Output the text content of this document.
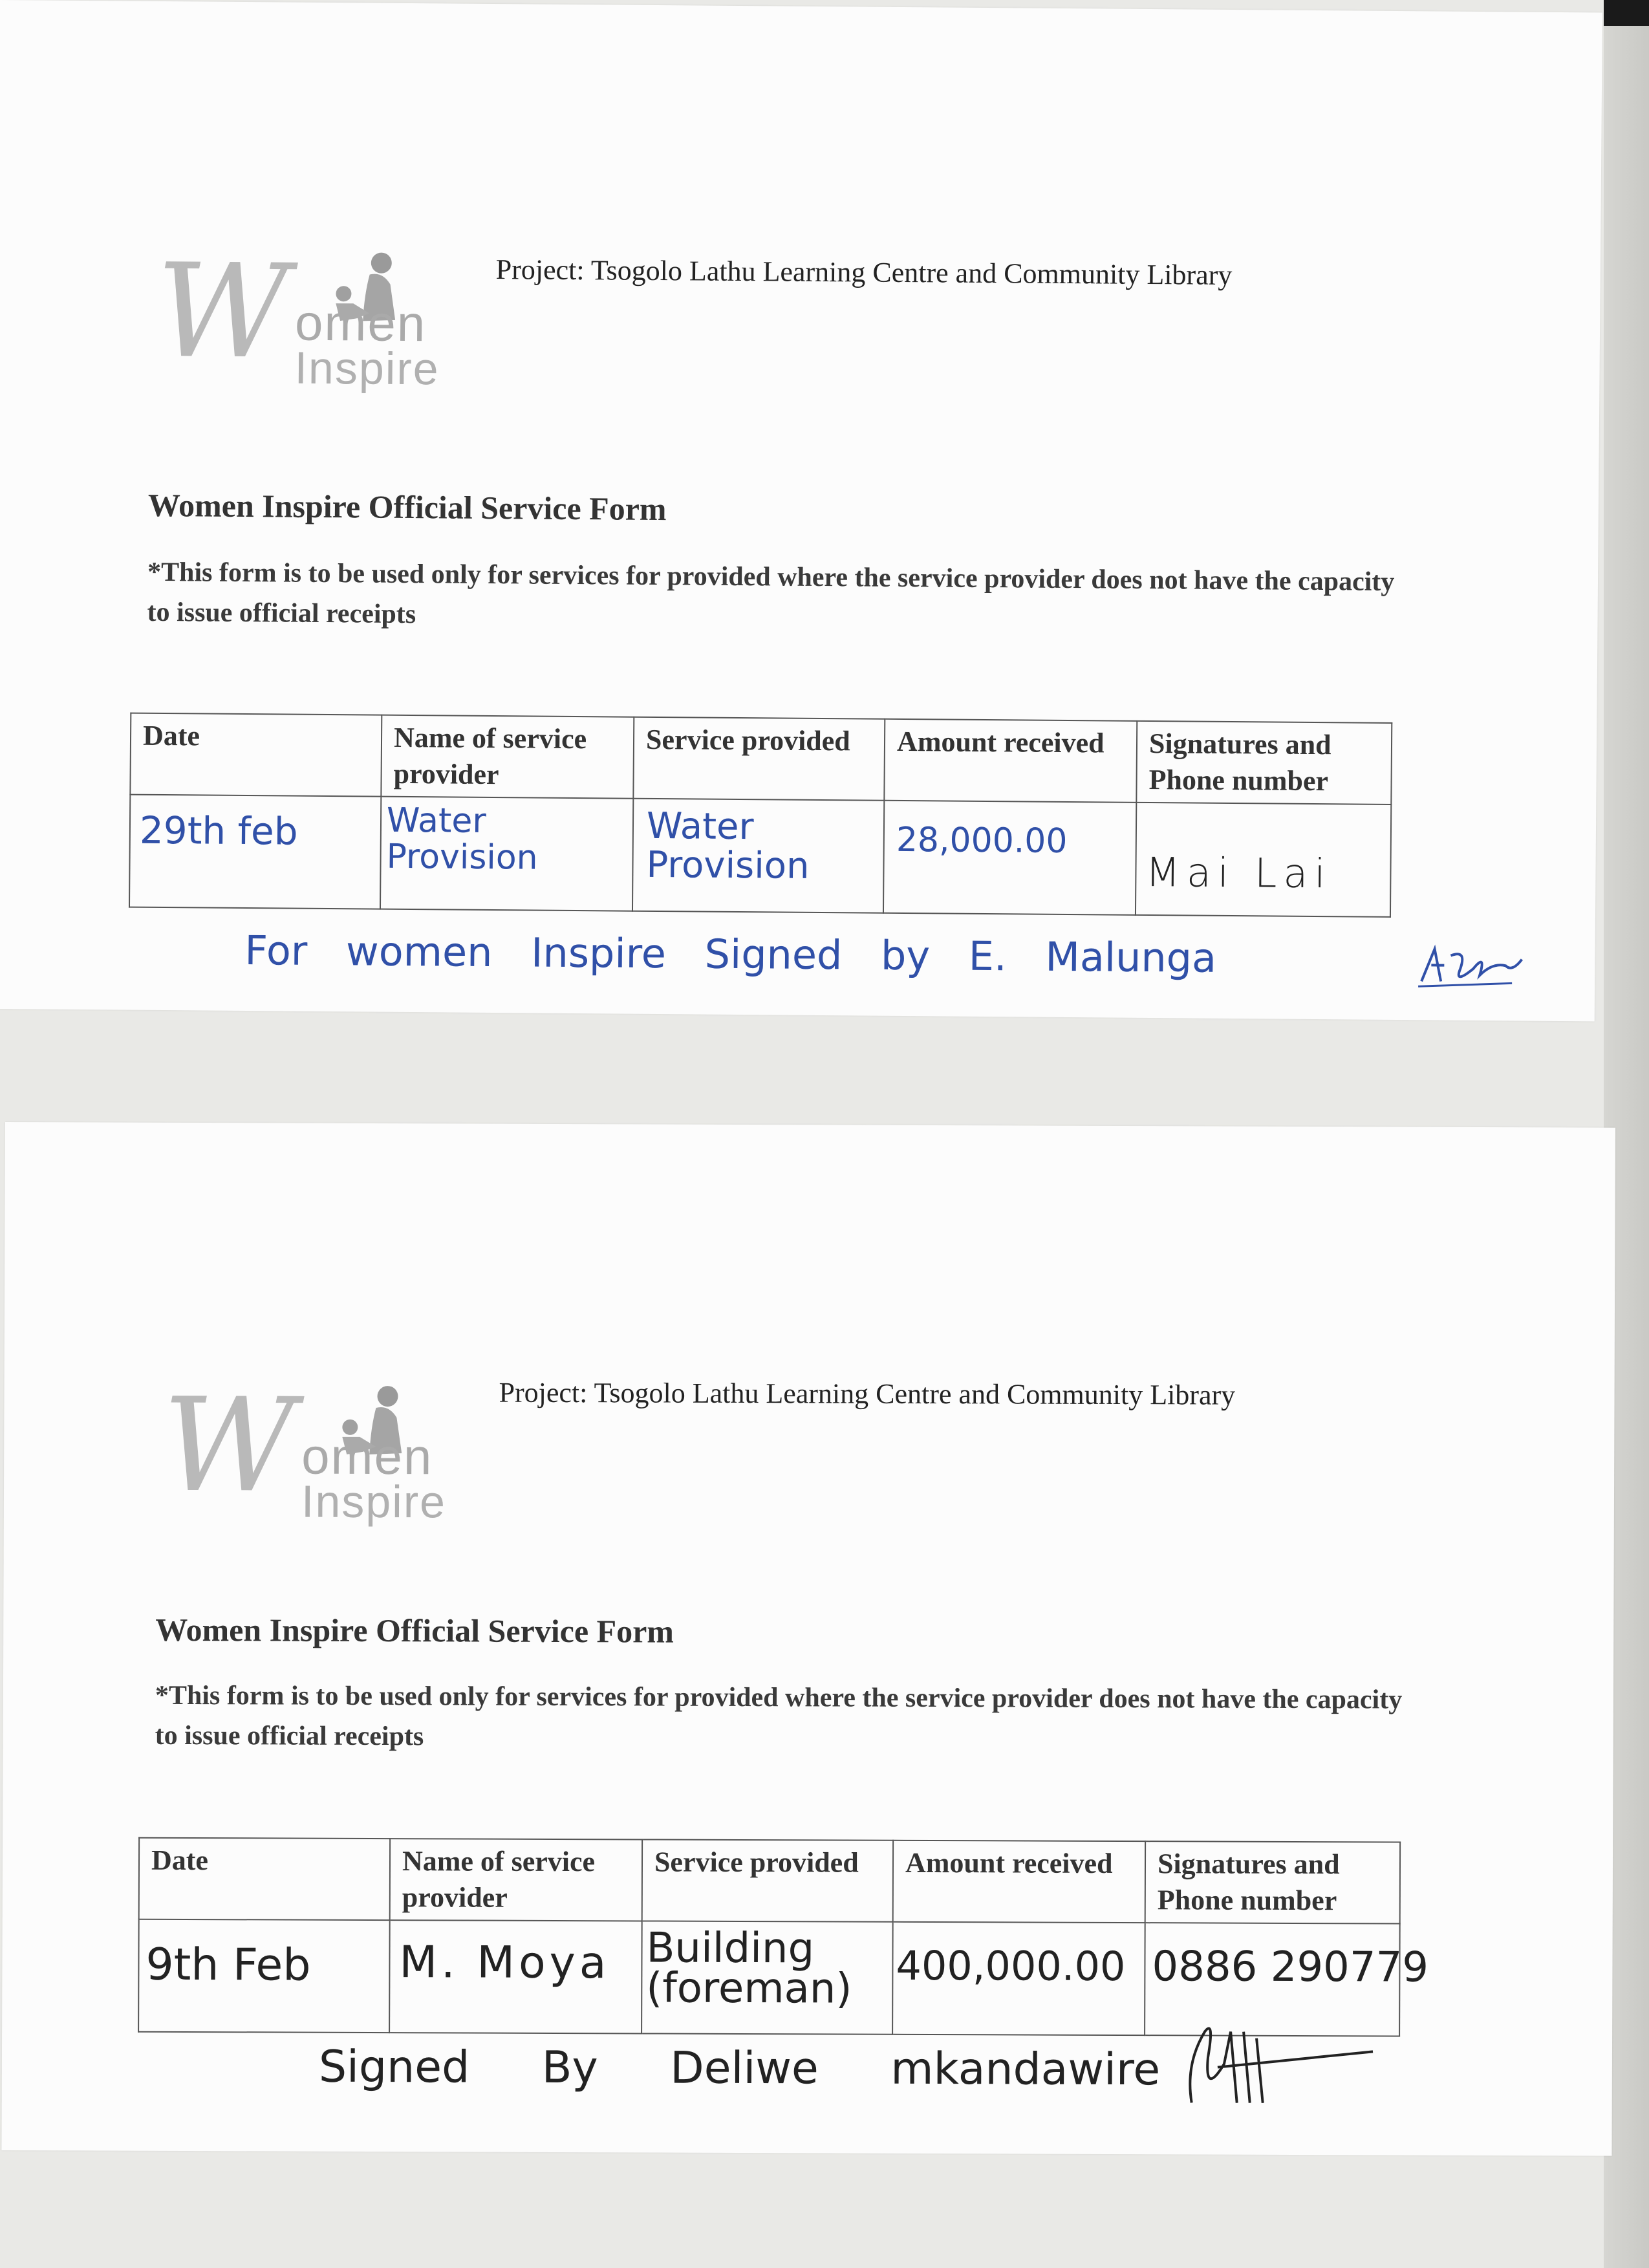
W omen
Inspire
Project: Tsogolo Lathu Learning Centre and Community Library
Women Inspire Official Service Form
*This form is to be used only for services for provided where the service provider does not have the capacity to issue official receipts
Date	Name of service provider	Service provided	Amount received	Signatures and Phone number

29th feb	Water Provision	Water Provision	28,000.00	Mai Lai
For women Inspire Signed by E. Malunga
W omen
Inspire
Project: Tsogolo Lathu Learning Centre and Community Library
Women Inspire Official Service Form
*This form is to be used only for services for provided where the service provider does not have the capacity to issue official receipts
Date	Name of service provider	Service provided	Amount received	Signatures and Phone number

9th Feb	M. Moya	Building (foreman)	400,000.00	0886 290779
Signed By Deliwe mkandawire
